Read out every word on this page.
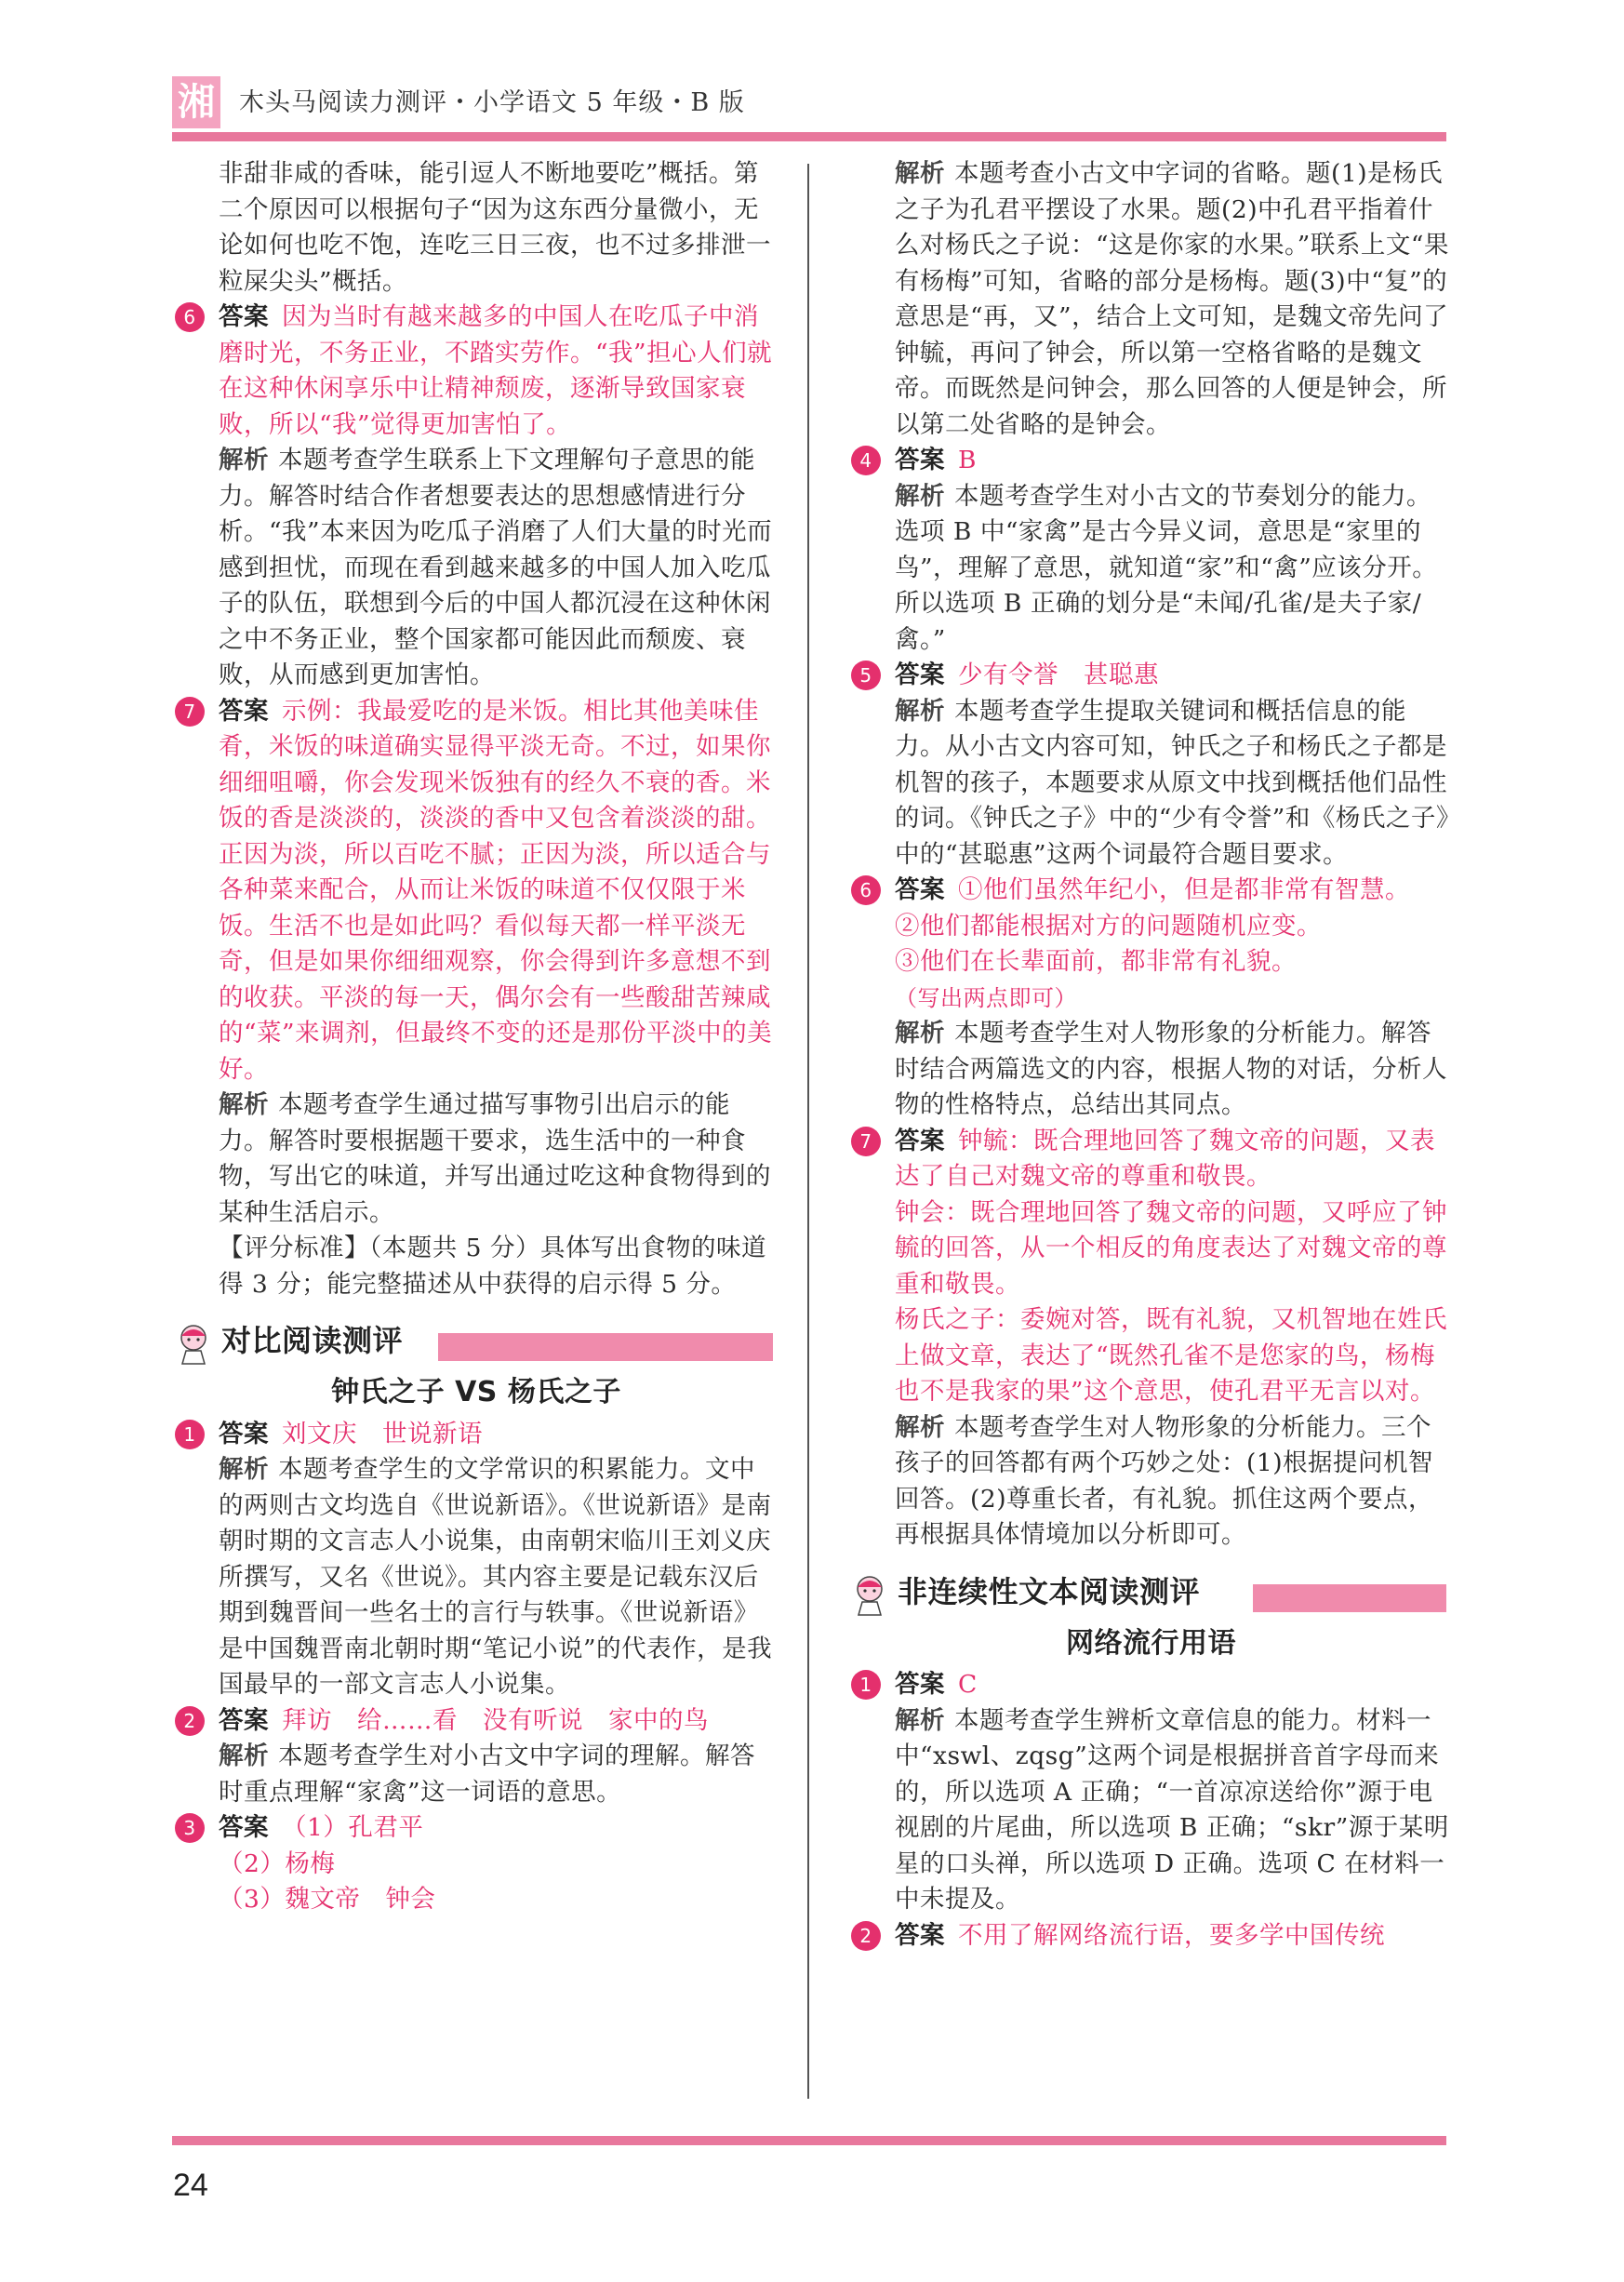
湘 木头马阅读力测评・小学语文 5 年级・B 版

非甜非咸的香味，能引逗人不断地要吃”概括。第二个原因可以根据句子“因为这东西分量微小，无论如何也吃不饱，连吃三日三夜，也不过多排泄一粒屎尖头”概括。

6 答案 因为当时有越来越多的中国人在吃瓜子中消磨时光，不务正业，不踏实劳作。“我”担心人们就在这种休闲享乐中让精神颓废，逐渐导致国家衰败，所以“我”觉得更加害怕了。

解析 本题考查学生联系上下文理解句子意思的能力。解答时结合作者想要表达的思想感情进行分析。“我”本来因为吃瓜子消磨了人们大量的时光而感到担忧，而现在看到越来越多的中国人加入吃瓜子的队伍，联想到今后的中国人都沉浸在这种休闲之中不务正业，整个国家都可能因此而颓废、衰败，从而感到更加害怕。

7 答案 示例：我最爱吃的是米饭。相比其他美味佳肴，米饭的味道确实显得平淡无奇。不过，如果你细细咀嚼，你会发现米饭独有的经久不衰的香。米饭的香是淡淡的，淡淡的香中又包含着淡淡的甜。正因为淡，所以百吃不腻；正因为淡，所以适合与各种菜来配合，从而让米饭的味道不仅仅限于米饭。生活不也是如此吗？看似每天都一样平淡无奇，但是如果你细细观察，你会得到许多意想不到的收获。平淡的每一天，偶尔会有一些酸甜苦辣咸的“菜”来调剂，但最终不变的还是那份平淡中的美好。

解析 本题考查学生通过描写事物引出启示的能力。解答时要根据题干要求，选生活中的一种食物，写出它的味道，并写出通过吃这种食物得到的某种生活启示。

【评分标准】（本题共 5 分）具体写出食物的味道得 3 分；能完整描述从中获得的启示得 5 分。

对比阅读测评
钟氏之子 VS 杨氏之子
1 答案 刘文庆　世说新语

解析 本题考查学生的文学常识的积累能力。文中的两则古文均选自《世说新语》。《世说新语》是南朝时期的文言志人小说集，由南朝宋临川王刘义庆所撰写，又名《世说》。其内容主要是记载东汉后期到魏晋间一些名士的言行与轶事。《世说新语》是中国魏晋南北朝时期“笔记小说”的代表作，是我国最早的一部文言志人小说集。

2 答案 拜访　给……看　没有听说　家中的鸟

解析 本题考查学生对小古文中字词的理解。解答时重点理解“家禽”这一词语的意思。

3 答案 （1）孔君平

（2）杨梅

（3）魏文帝　钟会

解析 本题考查小古文中字词的省略。题(1)是杨氏之子为孔君平摆设了水果。题(2)中孔君平指着什么对杨氏之子说：“这是你家的水果。”联系上文“果有杨梅”可知，省略的部分是杨梅。题(3)中“复”的意思是“再，又”，结合上文可知，是魏文帝先问了钟毓，再问了钟会，所以第一空格省略的是魏文帝。而既然是问钟会，那么回答的人便是钟会，所以第二处省略的是钟会。

4 答案 B

解析 本题考查学生对小古文的节奏划分的能力。选项 B 中“家禽”是古今异义词，意思是“家里的鸟”，理解了意思，就知道“家”和“禽”应该分开。所以选项 B 正确的划分是“未闻/孔雀/是夫子家/禽。”

5 答案 少有令誉　甚聪惠

解析 本题考查学生提取关键词和概括信息的能力。从小古文内容可知，钟氏之子和杨氏之子都是机智的孩子，本题要求从原文中找到概括他们品性的词。《钟氏之子》中的“少有令誉”和《杨氏之子》中的“甚聪惠”这两个词最符合题目要求。

6 答案 ①他们虽然年纪小，但是都非常有智慧。

②他们都能根据对方的问题随机应变。

③他们在长辈面前，都非常有礼貌。

（写出两点即可）

解析 本题考查学生对人物形象的分析能力。解答时结合两篇选文的内容，根据人物的对话，分析人物的性格特点，总结出其同点。

7 答案 钟毓：既合理地回答了魏文帝的问题，又表达了自己对魏文帝的尊重和敬畏。

钟会：既合理地回答了魏文帝的问题，又呼应了钟毓的回答，从一个相反的角度表达了对魏文帝的尊重和敬畏。

杨氏之子：委婉对答，既有礼貌，又机智地在姓氏上做文章，表达了“既然孔雀不是您家的鸟，杨梅也不是我家的果”这个意思，使孔君平无言以对。

解析 本题考查学生对人物形象的分析能力。三个孩子的回答都有两个巧妙之处：(1)根据提问机智回答。(2)尊重长者，有礼貌。抓住这两个要点，再根据具体情境加以分析即可。

非连续性文本阅读测评
网络流行用语
1 答案 C

解析 本题考查学生辨析文章信息的能力。材料一中“xswl、zqsg”这两个词是根据拼音首字母而来的，所以选项 A 正确；“一首凉凉送给你”源于电视剧的片尾曲，所以选项 B 正确；“skr”源于某明星的口头禅，所以选项 D 正确。选项 C 在材料一中未提及。

2 答案 不用了解网络流行语，要多学中国传统
24
